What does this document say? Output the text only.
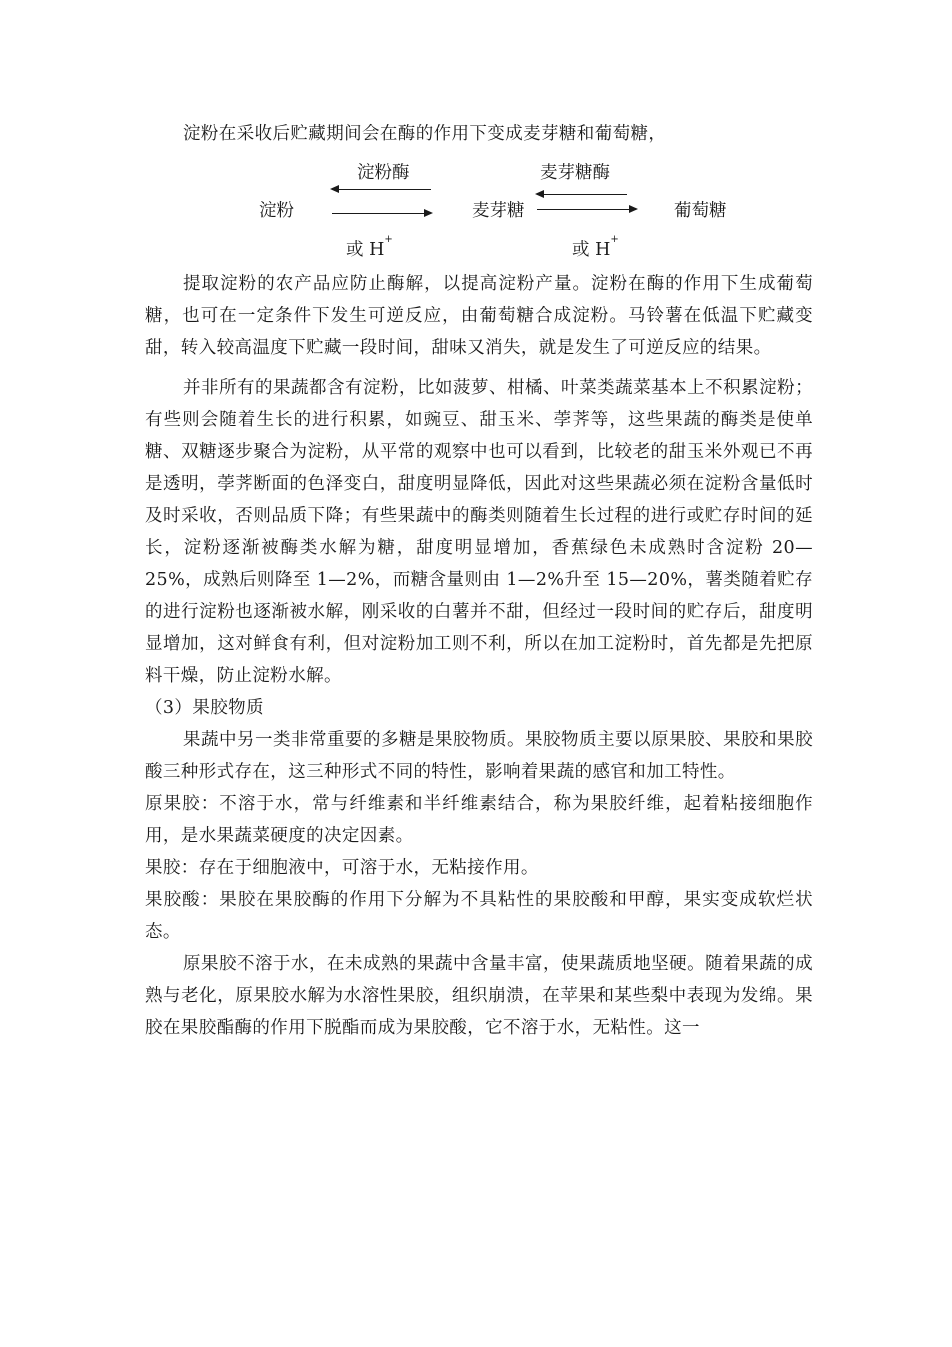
淀粉在采收后贮藏期间会在酶的作用下变成麦芽糖和葡萄糖，

淀粉酶	麦芽糖酶
淀粉	麦芽糖	葡萄糖
或 H+
或 H+

提取淀粉的农产品应防止酶解，以提高淀粉产量。淀粉在酶的作用下生成葡萄糖，也可在一定条件下发生可逆反应，由葡萄糖合成淀粉。马铃薯在低温下贮藏变甜，转入较高温度下贮藏一段时间，甜味又消失，就是发生了可逆反应的结果。

并非所有的果蔬都含有淀粉，比如菠萝、柑橘、叶菜类蔬菜基本上不积累淀粉；有些则会随着生长的进行积累，如豌豆、甜玉米、荸荠等，这些果蔬的酶类是使单糖、双糖逐步聚合为淀粉，从平常的观察中也可以看到，比较老的甜玉米外观已不再是透明，荸荠断面的色泽变白，甜度明显降低，因此对这些果蔬必须在淀粉含量低时及时采收，否则品质下降；有些果蔬中的酶类则随着生长过程的进行或贮存时间的延长，淀粉逐渐被酶类水解为糖，甜度明显增加，香蕉绿色未成熟时含淀粉 20—25%，成熟后则降至 1—2%，而糖含量则由 1—2%升至 15—20%，薯类随着贮存的进行淀粉也逐渐被水解，刚采收的白薯并不甜，但经过一段时间的贮存后，甜度明显增加，这对鲜食有利，但对淀粉加工则不利，所以在加工淀粉时，首先都是先把原料干燥，防止淀粉水解。

（3）果胶物质

果蔬中另一类非常重要的多糖是果胶物质。果胶物质主要以原果胶、果胶和果胶酸三种形式存在，这三种形式不同的特性，影响着果蔬的感官和加工特性。

原果胶：不溶于水，常与纤维素和半纤维素结合，称为果胶纤维，起着粘接细胞作用，是水果蔬菜硬度的决定因素。

果胶：存在于细胞液中，可溶于水，无粘接作用。

果胶酸：果胶在果胶酶的作用下分解为不具粘性的果胶酸和甲醇，果实变成软烂状态。

原果胶不溶于水，在未成熟的果蔬中含量丰富，使果蔬质地坚硬。随着果蔬的成熟与老化，原果胶水解为水溶性果胶，组织崩溃，在苹果和某些梨中表现为发绵。果胶在果胶酯酶的作用下脱酯而成为果胶酸，它不溶于水，无粘性。这一
